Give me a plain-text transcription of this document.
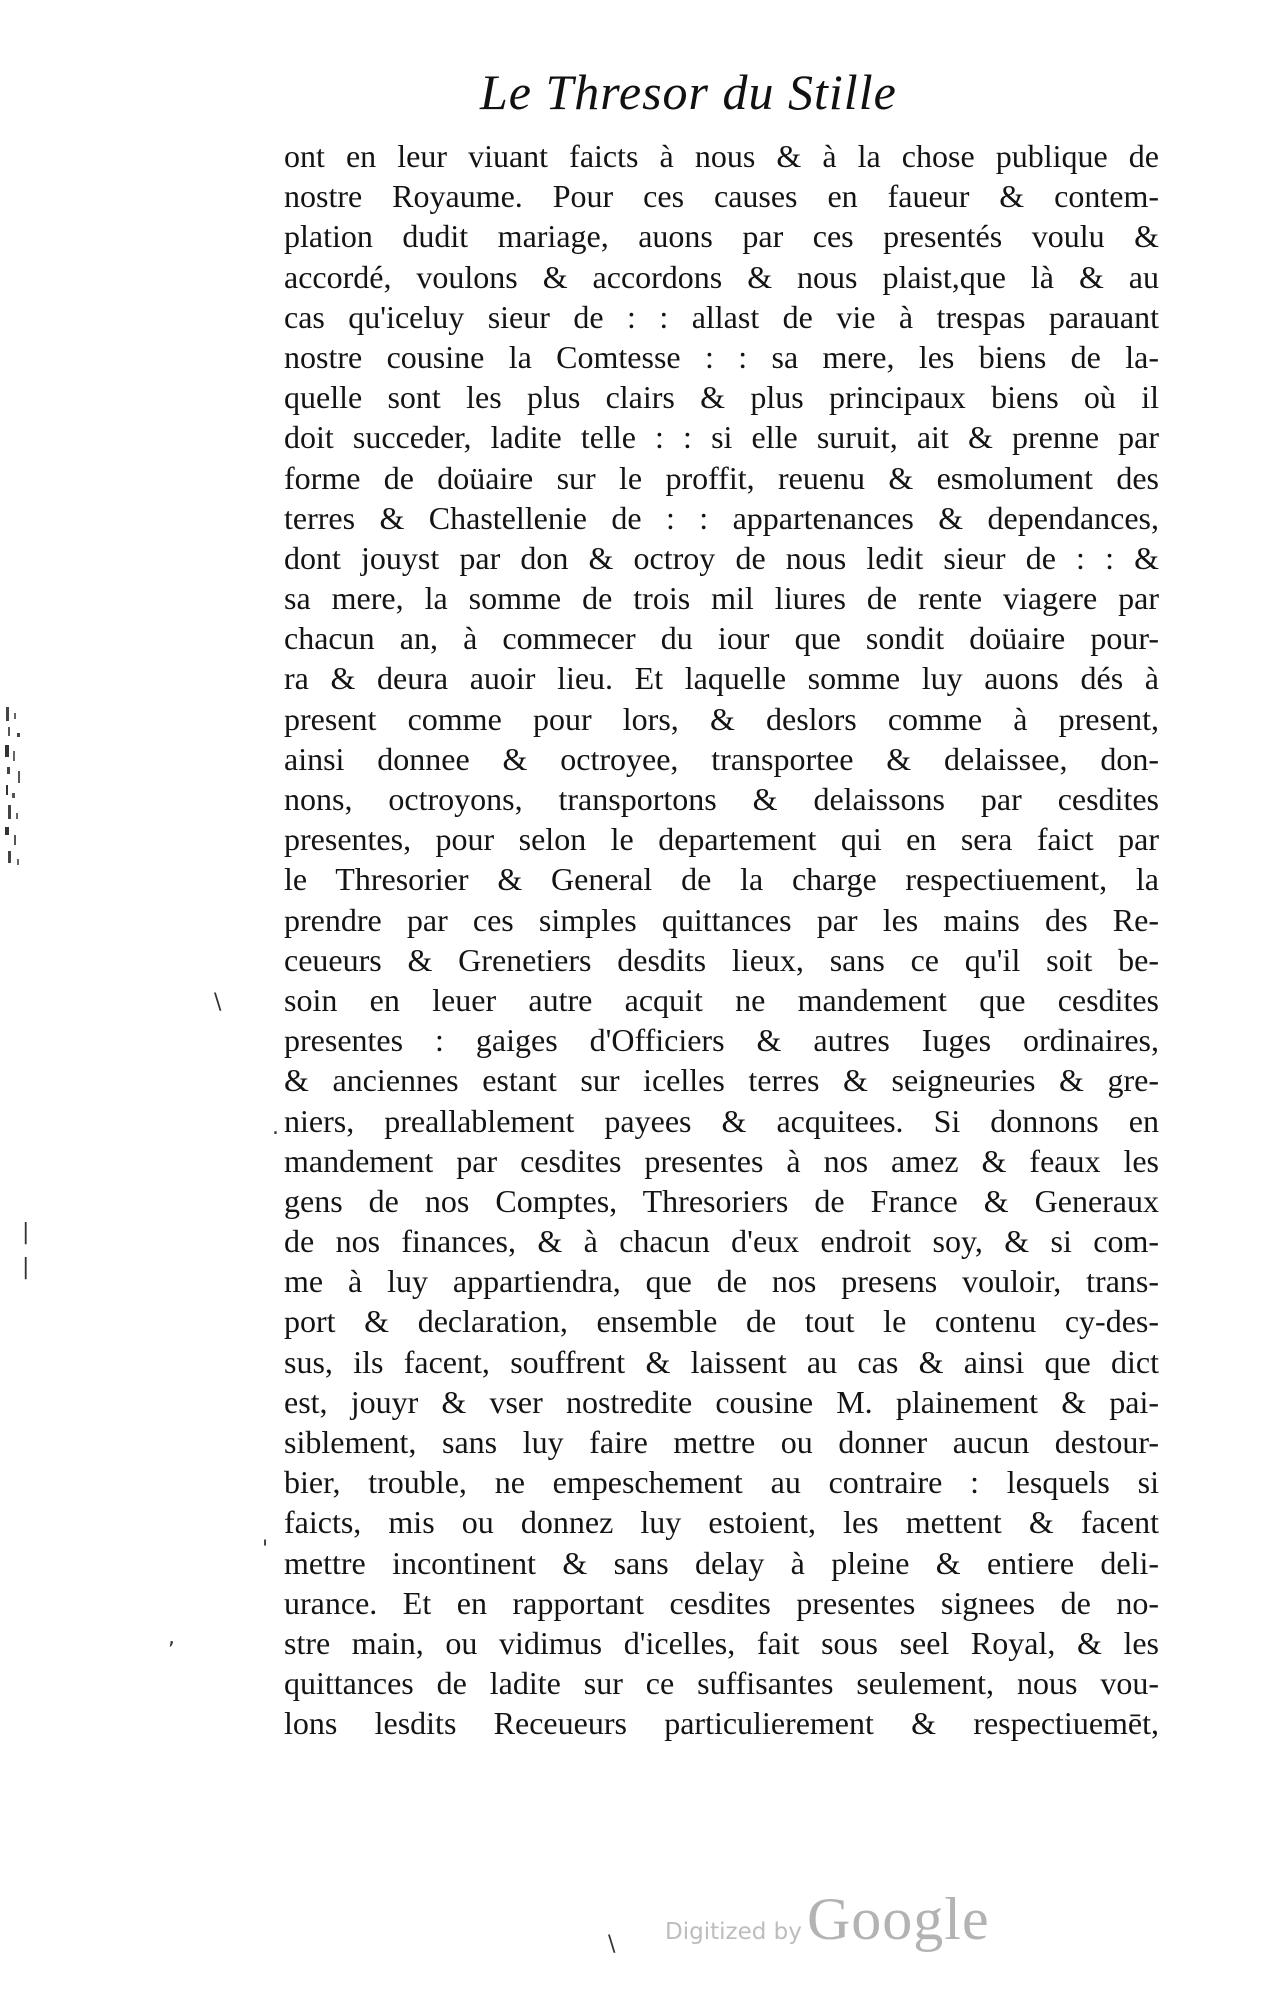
Le Thresor du Stille
ont en leur viuant faicts à nous & à la chose publique de
nostre Royaume. Pour ces causes en faueur & contem-
plation dudit mariage, auons par ces presentés voulu &
accordé, voulons & accordons & nous plaist,que là & au
cas qu'iceluy sieur de : : allast de vie à trespas parauant
nostre cousine la Comtesse : : sa mere, les biens de la-
quelle sont les plus clairs & plus principaux biens où il
doit succeder, ladite telle : : si elle suruit, ait & prenne par
forme de doüaire sur le proffit, reuenu & esmolument des
terres & Chastellenie de : : appartenances & dependances,
dont jouyst par don & octroy de nous ledit sieur de : : &
sa mere, la somme de trois mil liures de rente viagere par
chacun an, à commecer du iour que sondit doüaire pour-
ra & deura auoir lieu. Et laquelle somme luy auons dés à
present comme pour lors, & deslors comme à present,
ainsi donnee & octroyee, transportee & delaissee, don-
nons, octroyons, transportons & delaissons par cesdites
presentes, pour selon le departement qui en sera faict par
le Thresorier & General de la charge respectiuement, la
prendre par ces simples quittances par les mains des Re-
ceueurs & Grenetiers desdits lieux, sans ce qu'il soit be-
soin en leuer autre acquit ne mandement que cesdites
presentes : gaiges d'Officiers & autres Iuges ordinaires,
& anciennes estant sur icelles terres & seigneuries & gre-
niers, preallablement payees & acquitees. Si donnons en
mandement par cesdites presentes à nos amez & feaux les
gens de nos Comptes, Thresoriers de France & Generaux
de nos finances, & à chacun d'eux endroit soy, & si com-
me à luy appartiendra, que de nos presens vouloir, trans-
port & declaration, ensemble de tout le contenu cy-des-
sus, ils facent, souffrent & laissent au cas & ainsi que dict
est, jouyr & vser nostredite cousine M. plainement & pai-
siblement, sans luy faire mettre ou donner aucun destour-
bier, trouble, ne empeschement au contraire : lesquels si
faicts, mis ou donnez luy estoient, les mettent & facent
mettre incontinent & sans delay à pleine & entiere deli-
urance. Et en rapportant cesdites presentes signees de no-
stre main, ou vidimus d'icelles, fait sous seel Royal, & les
quittances de ladite sur ce suffisantes seulement, nous vou-
lons lesdits Receueurs particulierement & respectiuemēt,
\
.
|
|
'
,
\ Digitized by Google
